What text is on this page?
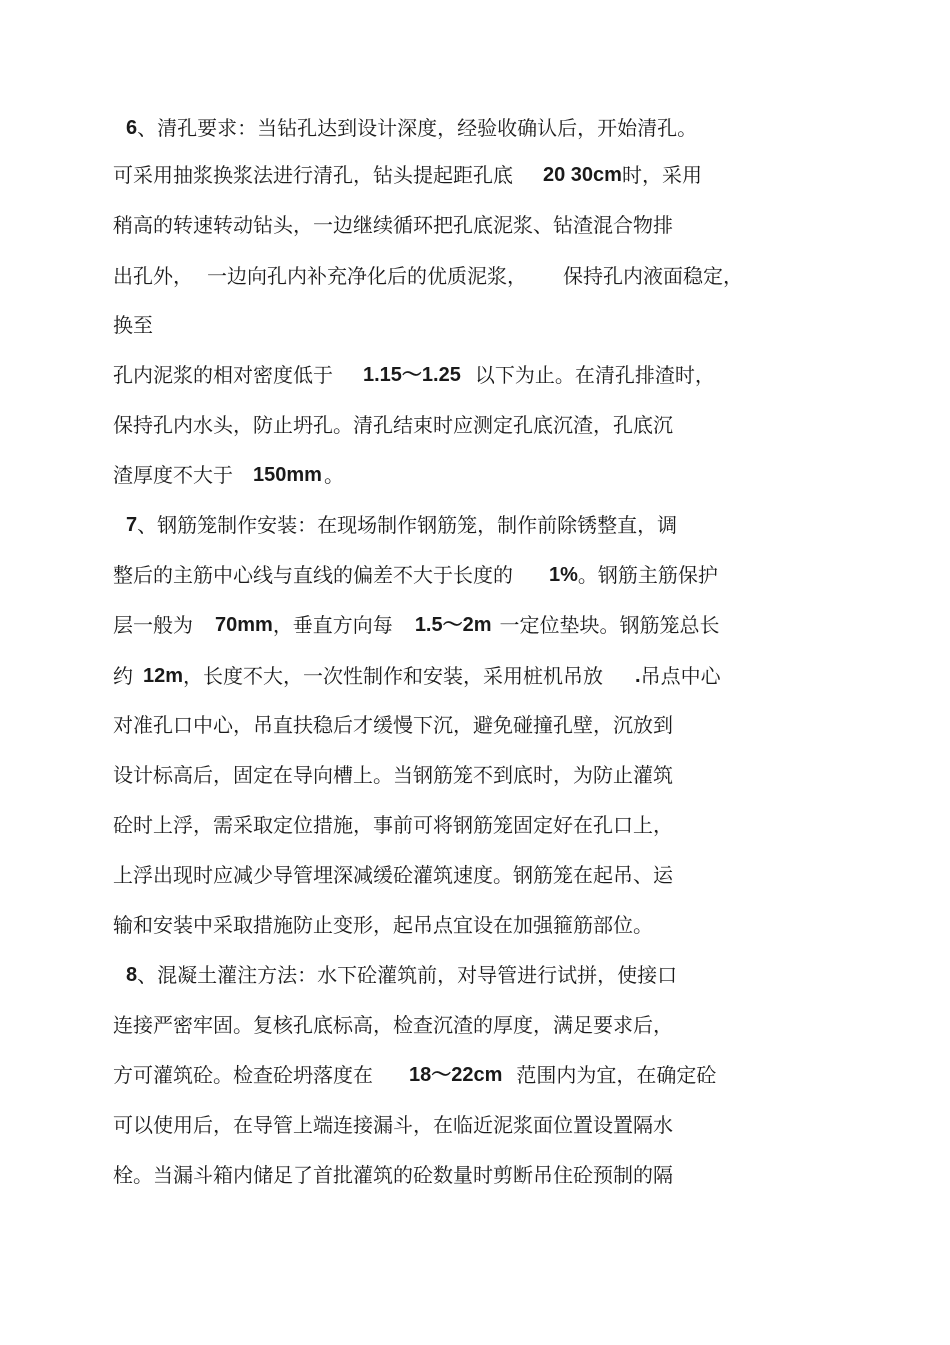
6 、清孔要求：当钻孔达到设计深度，经验收确认后，开始清孔。
可采用抽浆换浆法进行清孔，钻头提起距孔底 20 30cm 时，采用
稍高的转速转动钻头，一边继续循环把孔底泥浆、钻渣混合物排
出孔外， 一边向孔内补充净化后的优质泥浆， 保持孔内液面稳定，
换至
孔内泥浆的相对密度低于 1.15～1.25 以下为止。在清孔排渣时，
保持孔内水头，防止坍孔。清孔结束时应测定孔底沉渣，孔底沉
渣厚度不大于 150mm 。
7 、钢筋笼制作安装：在现场制作钢筋笼，制作前除锈整直，调
整后的主筋中心线与直线的偏差不大于长度的 1% 。钢筋主筋保护
层一般为 70mm ，垂直方向每 1.5～2m 一定位垫块。钢筋笼总长
约 12m ，长度不大，一次性制作和安装，采用桩机吊放 . 吊点中心
对准孔口中心，吊直扶稳后才缓慢下沉，避免碰撞孔壁，沉放到
设计标高后，固定在导向槽上。当钢筋笼不到底时，为防止灌筑
砼时上浮，需采取定位措施，事前可将钢筋笼固定好在孔口上，
上浮出现时应减少导管埋深减缓砼灌筑速度。钢筋笼在起吊、运
输和安装中采取措施防止变形，起吊点宜设在加强箍筋部位。
8 、混凝土灌注方法：水下砼灌筑前，对导管进行试拼，使接口
连接严密牢固。复核孔底标高，检查沉渣的厚度，满足要求后，
方可灌筑砼。检查砼坍落度在 18～22cm 范围内为宜，在确定砼
可以使用后，在导管上端连接漏斗，在临近泥浆面位置设置隔水
栓。当漏斗箱内储足了首批灌筑的砼数量时剪断吊住砼预制的隔
